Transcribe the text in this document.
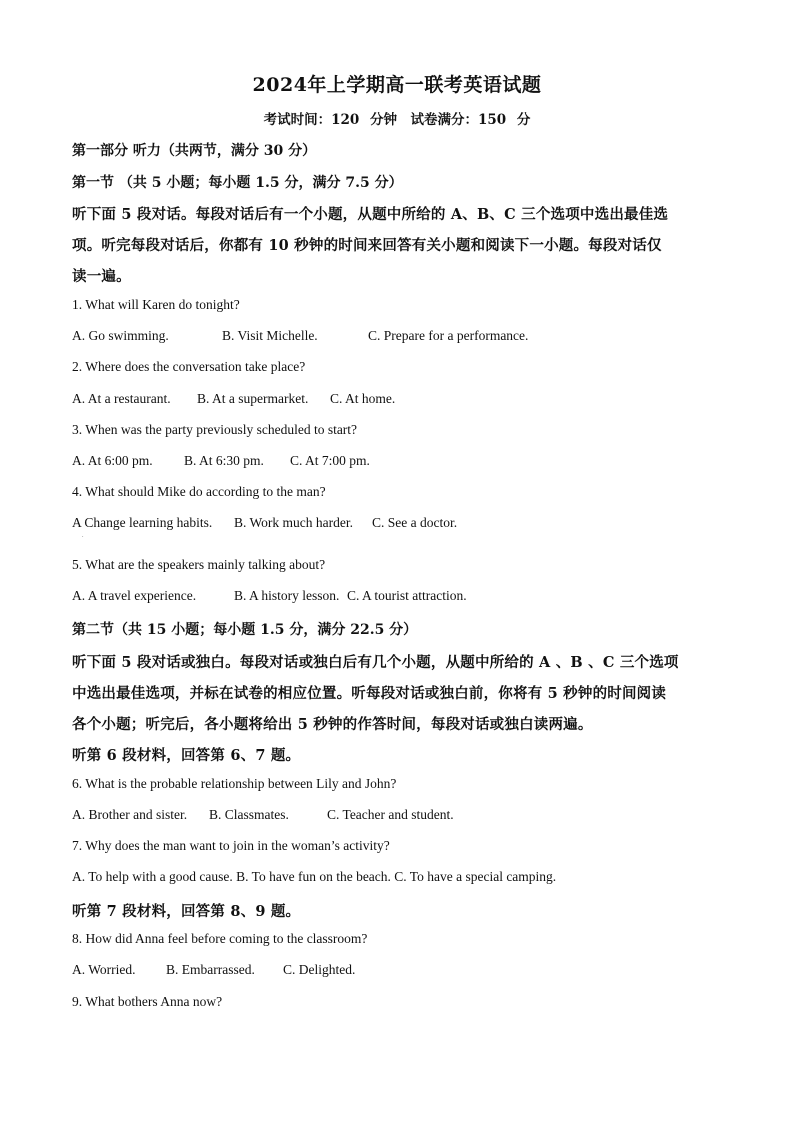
2024年上学期高一联考英语试题
考试时间：120 分钟　试卷满分：150 分
第一部分 听力（共两节，满分 30 分）
第一节 （共 5 小题；每小题 1.5 分，满分 7.5 分）
听下面 5 段对话。每段对话后有一个小题，从题中所给的 A、B、C 三个选项中选出最佳选
项。听完每段对话后，你都有 10 秒钟的时间来回答有关小题和阅读下一小题。每段对话仅
读一遍。
1. What will Karen do tonight?
A. Go swimming.	B. Visit Michelle.	C. Prepare for a performance.
2. Where does the conversation take place?
A. At a restaurant. B. At a supermarket. C. At home.
3. When was the party previously scheduled to start?
A. At 6:00 pm. B. At 6:30 pm. C. At 7:00 pm.
4. What should Mike do according to the man?
A Change learning habits. B. Work much harder. C. See a doctor.
.
5. What are the speakers mainly talking about?
A. A travel experience.	B. A history lesson. C. A tourist attraction.
第二节（共 15 小题；每小题 1.5 分，满分 22.5 分）
听下面 5 段对话或独白。每段对话或独白后有几个小题，从题中所给的 A 、B 、C 三个选项
中选出最佳选项，并标在试卷的相应位置。听每段对话或独白前，你将有 5 秒钟的时间阅读
各个小题；听完后，各小题将给出 5 秒钟的作答时间，每段对话或独白读两遍。
听第 6 段材料，回答第 6、7 题。
6. What is the probable relationship between Lily and John?
A. Brother and sister. B. Classmates.	C. Teacher and student.
7. Why does the man want to join in the woman’s activity?
A. To help with a good cause. B. To have fun on the beach. C. To have a special camping.
听第 7 段材料，回答第 8、9 题。
8. How did Anna feel before coming to the classroom?
A. Worried. B. Embarrassed. C. Delighted.
9. What bothers Anna now?
